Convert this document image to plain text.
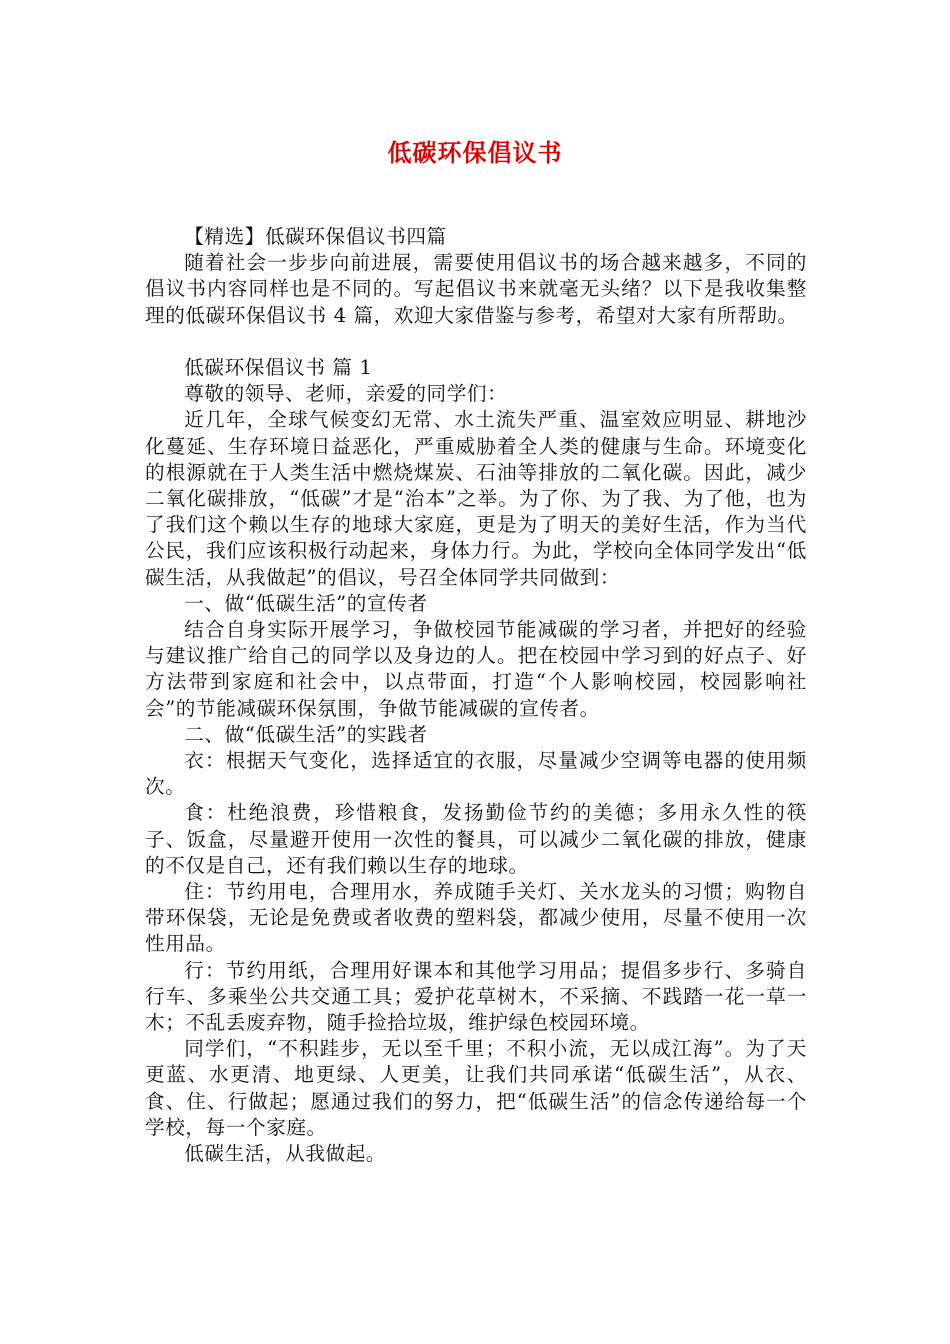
低碳环保倡议书

【精选】低碳环保倡议书四篇

随着社会一步步向前进展，需要使用倡议书的场合越来越多，不同的倡议书内容同样也是不同的。写起倡议书来就毫无头绪？以下是我收集整理的低碳环保倡议书 4 篇，欢迎大家借鉴与参考，希望对大家有所帮助。

低碳环保倡议书 篇 1

尊敬的领导、老师，亲爱的同学们：

近几年，全球气候变幻无常、水土流失严重、温室效应明显、耕地沙化蔓延、生存环境日益恶化，严重威胁着全人类的健康与生命。环境变化的根源就在于人类生活中燃烧煤炭、石油等排放的二氧化碳。因此，减少二氧化碳排放，“低碳”才是“治本”之举。为了你、为了我、为了他，也为了我们这个赖以生存的地球大家庭，更是为了明天的美好生活，作为当代公民，我们应该积极行动起来，身体力行。为此，学校向全体同学发出“低碳生活，从我做起”的倡议，号召全体同学共同做到：

一、做“低碳生活”的宣传者

结合自身实际开展学习，争做校园节能减碳的学习者，并把好的经验与建议推广给自己的同学以及身边的人。把在校园中学习到的好点子、好方法带到家庭和社会中，以点带面，打造“个人影响校园，校园影响社会”的节能减碳环保氛围，争做节能减碳的宣传者。

二、做“低碳生活”的实践者

衣：根据天气变化，选择适宜的衣服，尽量减少空调等电器的使用频次。

食：杜绝浪费，珍惜粮食，发扬勤俭节约的美德；多用永久性的筷子、饭盒，尽量避开使用一次性的餐具，可以减少二氧化碳的排放，健康的不仅是自己，还有我们赖以生存的地球。

住：节约用电，合理用水，养成随手关灯、关水龙头的习惯；购物自带环保袋，无论是免费或者收费的塑料袋，都减少使用，尽量不使用一次性用品。

行：节约用纸，合理用好课本和其他学习用品；提倡多步行、多骑自行车、多乘坐公共交通工具；爱护花草树木，不采摘、不践踏一花一草一木；不乱丢废弃物，随手捡拾垃圾，维护绿色校园环境。

同学们，“不积跬步，无以至千里；不积小流，无以成江海”。为了天更蓝、水更清、地更绿、人更美，让我们共同承诺“低碳生活”，从衣、食、住、行做起；愿通过我们的努力，把“低碳生活”的信念传递给每一个学校，每一个家庭。

低碳生活，从我做起。
